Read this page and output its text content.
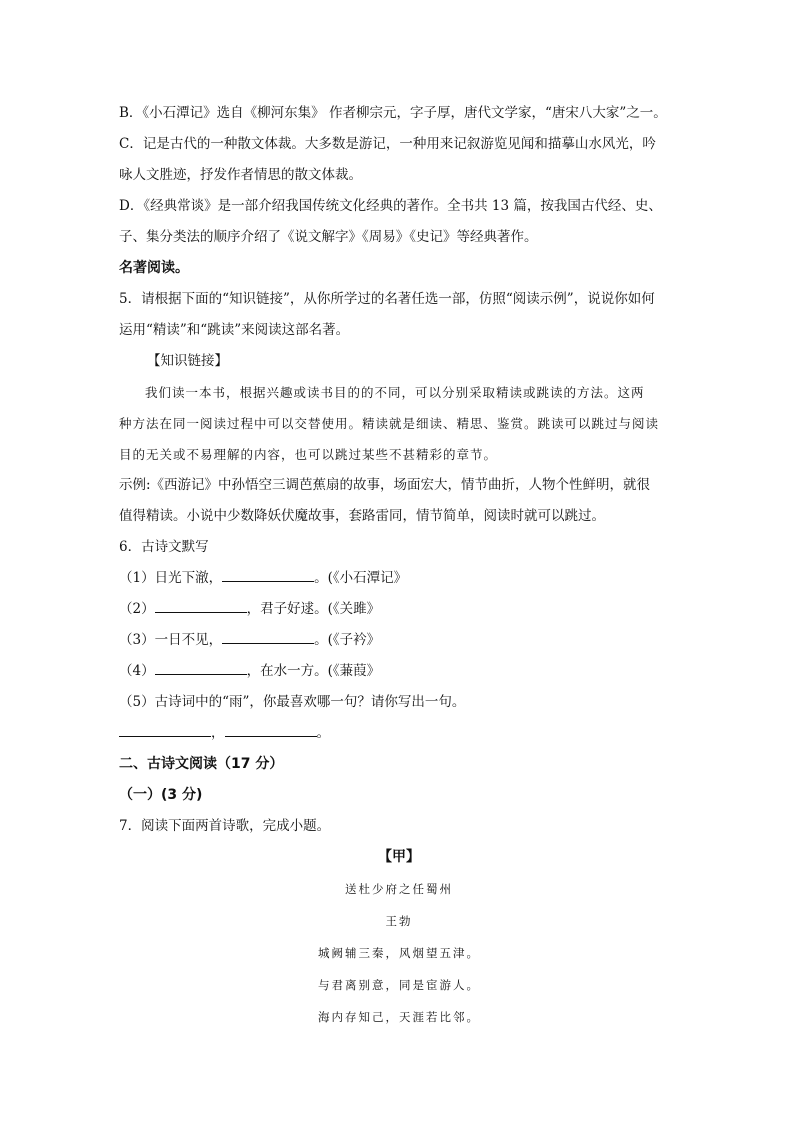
B．《小石潭记》选自《柳河东集》 作者柳宗元，字子厚，唐代文学家，“唐宋八大家”之一。
C．记是古代的一种散文体裁。大多数是游记，一种用来记叙游览见闻和描摹山水风光，吟
咏人文胜迹，抒发作者情思的散文体裁。
D．《经典常谈》是一部介绍我国传统文化经典的著作。全书共 13 篇，按我国古代经、史、
子、集分类法的顺序介绍了《说文解字》《周易》《史记》等经典著作。
名著阅读。
5．请根据下面的“知识链接”，从你所学过的名著任选一部，仿照“阅读示例”，说说你如何
运用“精读”和“跳读”来阅读这部名著。
【知识链接】
我们读一本书，根据兴趣或读书目的的不同，可以分别采取精读或跳读的方法。这两
种方法在同一阅读过程中可以交替使用。精读就是细读、精思、鉴赏。跳读可以跳过与阅读
目的无关或不易理解的内容，也可以跳过某些不甚精彩的章节。
示例:《西游记》中孙悟空三调芭蕉扇的故事，场面宏大，情节曲折，人物个性鲜明，就很
值得精读。小说中少数降妖伏魔故事，套路雷同，情节简单，阅读时就可以跳过。
6．古诗文默写
（1）日光下澈，	。(《小石潭记》
（2）	，君子好逑。(《关雎》
（3）一日不见，	。(《子衿》
（4）	，在水一方。(《蒹葭》
（5）古诗词中的“雨”，你最喜欢哪一句？请你写出一句。
，	。
二、古诗文阅读（17 分）
（一）(3 分)
7．阅读下面两首诗歌，完成小题。
【甲】
送杜少府之任蜀州
王勃
城阙辅三秦，风烟望五津。
与君离别意，同是宦游人。
海内存知己，天涯若比邻。
